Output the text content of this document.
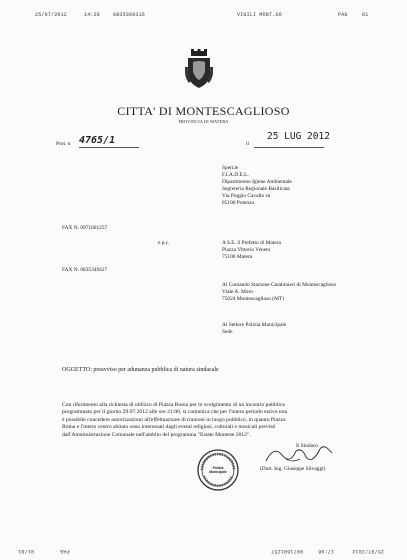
25/07/2012	14:28	0835389316	VIGILI MONT.SO	PAG	01
CITTA' DI MONTESCAGLIOSO
PROVINCIA DI MATERA
Prot. n 4765/1	li
25 LUG 2012
Spett.le
F.I.A.D.E.L.
Dipartimento Igiene Ambientale
Segreteria Regionale Basilicata
Via Poggio Cavallo sn
85100 Potenza
FAX N. 0971601257
e p.c.	A S.E. il Prefetto di Matera
Piazza Vittorio Veneto
75100 Matera
FAX N. 0835349427
Al Comando Stazione Carabinieri di Montescaglioso
Viale A. Moro
75024 Montescaglioso (MT)
Al Settore Polizia Municipale
Sede
OGGETTO: preavviso per adunanza pubblica di natura sindacale
Con riferimento alla richiesta di utilizzo di Piazza Roma per lo svolgimento di un incontro pubblico
programmato per il giorno 29.07.2012 alle ore 21:00, si comunica che per l'intero periodo estivo non
è possibile concedere autorizzazioni all'effettuazione di riunioni in luogo pubblico, in quanto Piazza
Roma e l'intero centro abitato sono interessati dagli eventi religiosi, culturali e musicali previsti
dall'Amministrazione Comunale nell'ambito del programma "Estate Montese 2012".
Il Sindaco
(Dott. Ing. Giuseppe Silvaggi)
Polizia Municipale
25/07/2012
17:06
0971601257
PAG
01/01
